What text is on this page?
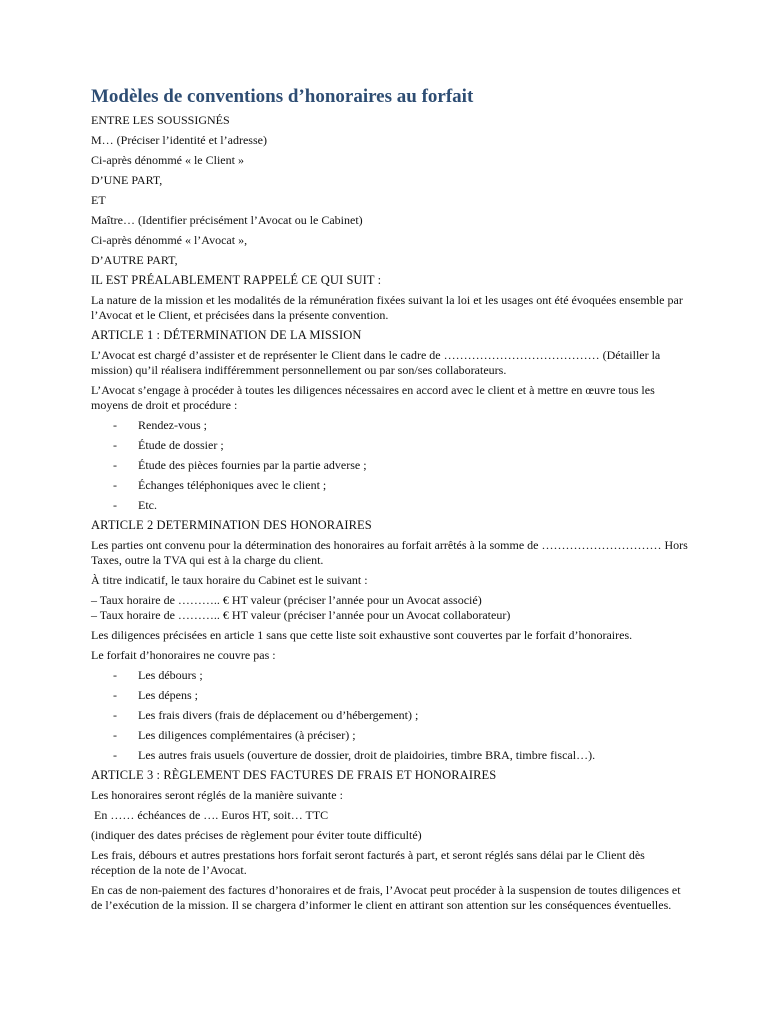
Modèles de conventions d’honoraires au forfait

ENTRE LES SOUSSIGNÉS

M… (Préciser l’identité et l’adresse)

Ci-après dénommé « le Client »

D’UNE PART,

ET

Maître… (Identifier précisément l’Avocat ou le Cabinet)

Ci-après dénommé « l’Avocat »,

D’AUTRE PART,

IL EST PRÉALABLEMENT RAPPELÉ CE QUI SUIT :

La nature de la mission et les modalités de la rémunération fixées suivant la loi et les usages ont été évoquées ensemble par l’Avocat et le Client, et précisées dans la présente convention.

ARTICLE 1 : DÉTERMINATION DE LA MISSION

L’Avocat est chargé d’assister et de représenter le Client dans le cadre de ………………………………… (Détailler la mission) qu’il réalisera indifféremment personnellement ou par son/ses collaborateurs.

L’Avocat s’engage à procéder à toutes les diligences nécessaires en accord avec le client et à mettre en œuvre tous les moyens de droit et procédure :

- Rendez-vous ;
- Étude de dossier ;
- Étude des pièces fournies par la partie adverse ;
- Échanges téléphoniques avec le client ;
- Etc.

ARTICLE 2 DETERMINATION DES HONORAIRES

Les parties ont convenu pour la détermination des honoraires au forfait arrêtés à la somme de ………………………… Hors Taxes, outre la TVA qui est à la charge du client.

À titre indicatif, le taux horaire du Cabinet est le suivant :

– Taux horaire de ……….. € HT valeur (préciser l’année pour un Avocat associé)

– Taux horaire de ……….. € HT valeur (préciser l’année pour un Avocat collaborateur)

Les diligences précisées en article 1 sans que cette liste soit exhaustive sont couvertes par le forfait d’honoraires.

Le forfait d’honoraires ne couvre pas :

- Les débours ;
- Les dépens ;
- Les frais divers (frais de déplacement ou d’hébergement) ;
- Les diligences complémentaires (à préciser) ;
- Les autres frais usuels (ouverture de dossier, droit de plaidoiries, timbre BRA, timbre fiscal…).

ARTICLE 3 : RÈGLEMENT DES FACTURES DE FRAIS ET HONORAIRES

Les honoraires seront réglés de la manière suivante :

En …… échéances de …. Euros HT, soit… TTC

(indiquer des dates précises de règlement pour éviter toute difficulté)

Les frais, débours et autres prestations hors forfait seront facturés à part, et seront réglés sans délai par le Client dès réception de la note de l’Avocat.

En cas de non-paiement des factures d’honoraires et de frais, l’Avocat peut procéder à la suspension de toutes diligences et de l’exécution de la mission. Il se chargera d’informer le client en attirant son attention sur les conséquences éventuelles.
